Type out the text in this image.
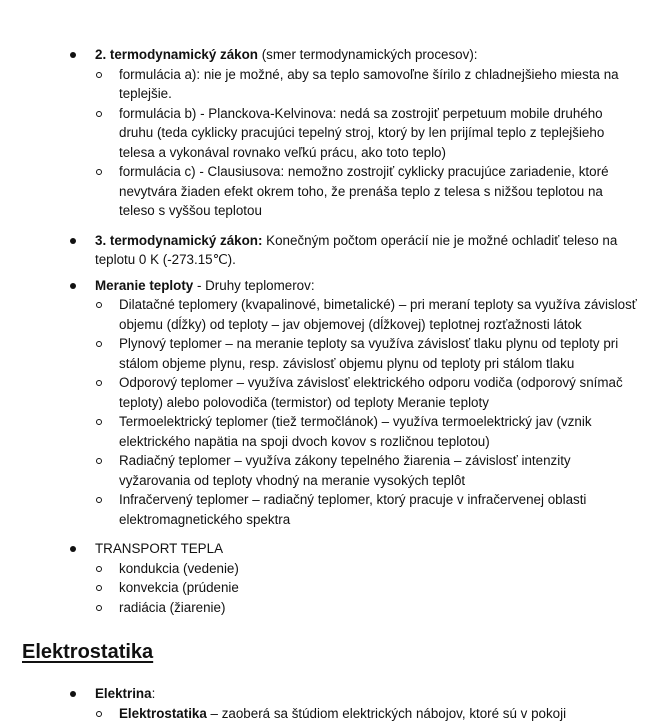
2. termodynamický zákon (smer termodynamických procesov):
formulácia a): nie je možné, aby sa teplo samovoľne šírilo z chladnejšieho miesta na teplejšie.
formulácia b) - Planckova-Kelvinova: nedá sa zostrojiť perpetuum mobile druhého druhu (teda cyklicky pracujúci tepelný stroj, ktorý by len prijímal teplo z teplejšieho telesa a vykonával rovnako veľkú prácu, ako toto teplo)
formulácia c) - Clausiusova: nemožno zostrojiť cyklicky pracujúce zariadenie, ktoré nevytvára žiaden efekt okrem toho, že prenáša teplo z telesa s nižšou teplotou na teleso s vyššou teplotou
3. termodynamický zákon: Konečným počtom operácií nie je možné ochladiť teleso na teplotu 0 K (-273.15℃).
Meranie teploty - Druhy teplomerov:
Dilatačné teplomery (kvapalinové, bimetalické) – pri meraní teploty sa využíva závislosť objemu (dĺžky) od teploty – jav objemovej (dĺžkovej) teplotnej rozťažnosti látok
Plynový teplomer – na meranie teploty sa využíva závislosť tlaku plynu od teploty pri stálom objeme plynu, resp. závislosť objemu plynu od teploty pri stálom tlaku
Odporový teplomer – využíva závislosť elektrického odporu vodiča (odporový snímač teploty) alebo polovodiča (termistor) od teploty Meranie teploty
Termoelektrický teplomer (tiež termočlánok) – využíva termoelektrický jav (vznik elektrického napätia na spoji dvoch kovov s rozličnou teplotou)
Radiačný teplomer – využíva zákony tepelného žiarenia – závislosť intenzity vyžarovania od teploty vhodný na meranie vysokých teplôt
Infračervený teplomer – radiačný teplomer, ktorý pracuje v infračervenej oblasti elektromagnetického spektra
TRANSPORT TEPLA
kondukcia (vedenie)
konvekcia (prúdenie
radiácia (žiarenie)
Elektrostatika
Elektrina:
Elektrostatika – zaoberá sa štúdiom elektrických nábojov, ktoré sú v pokoji
